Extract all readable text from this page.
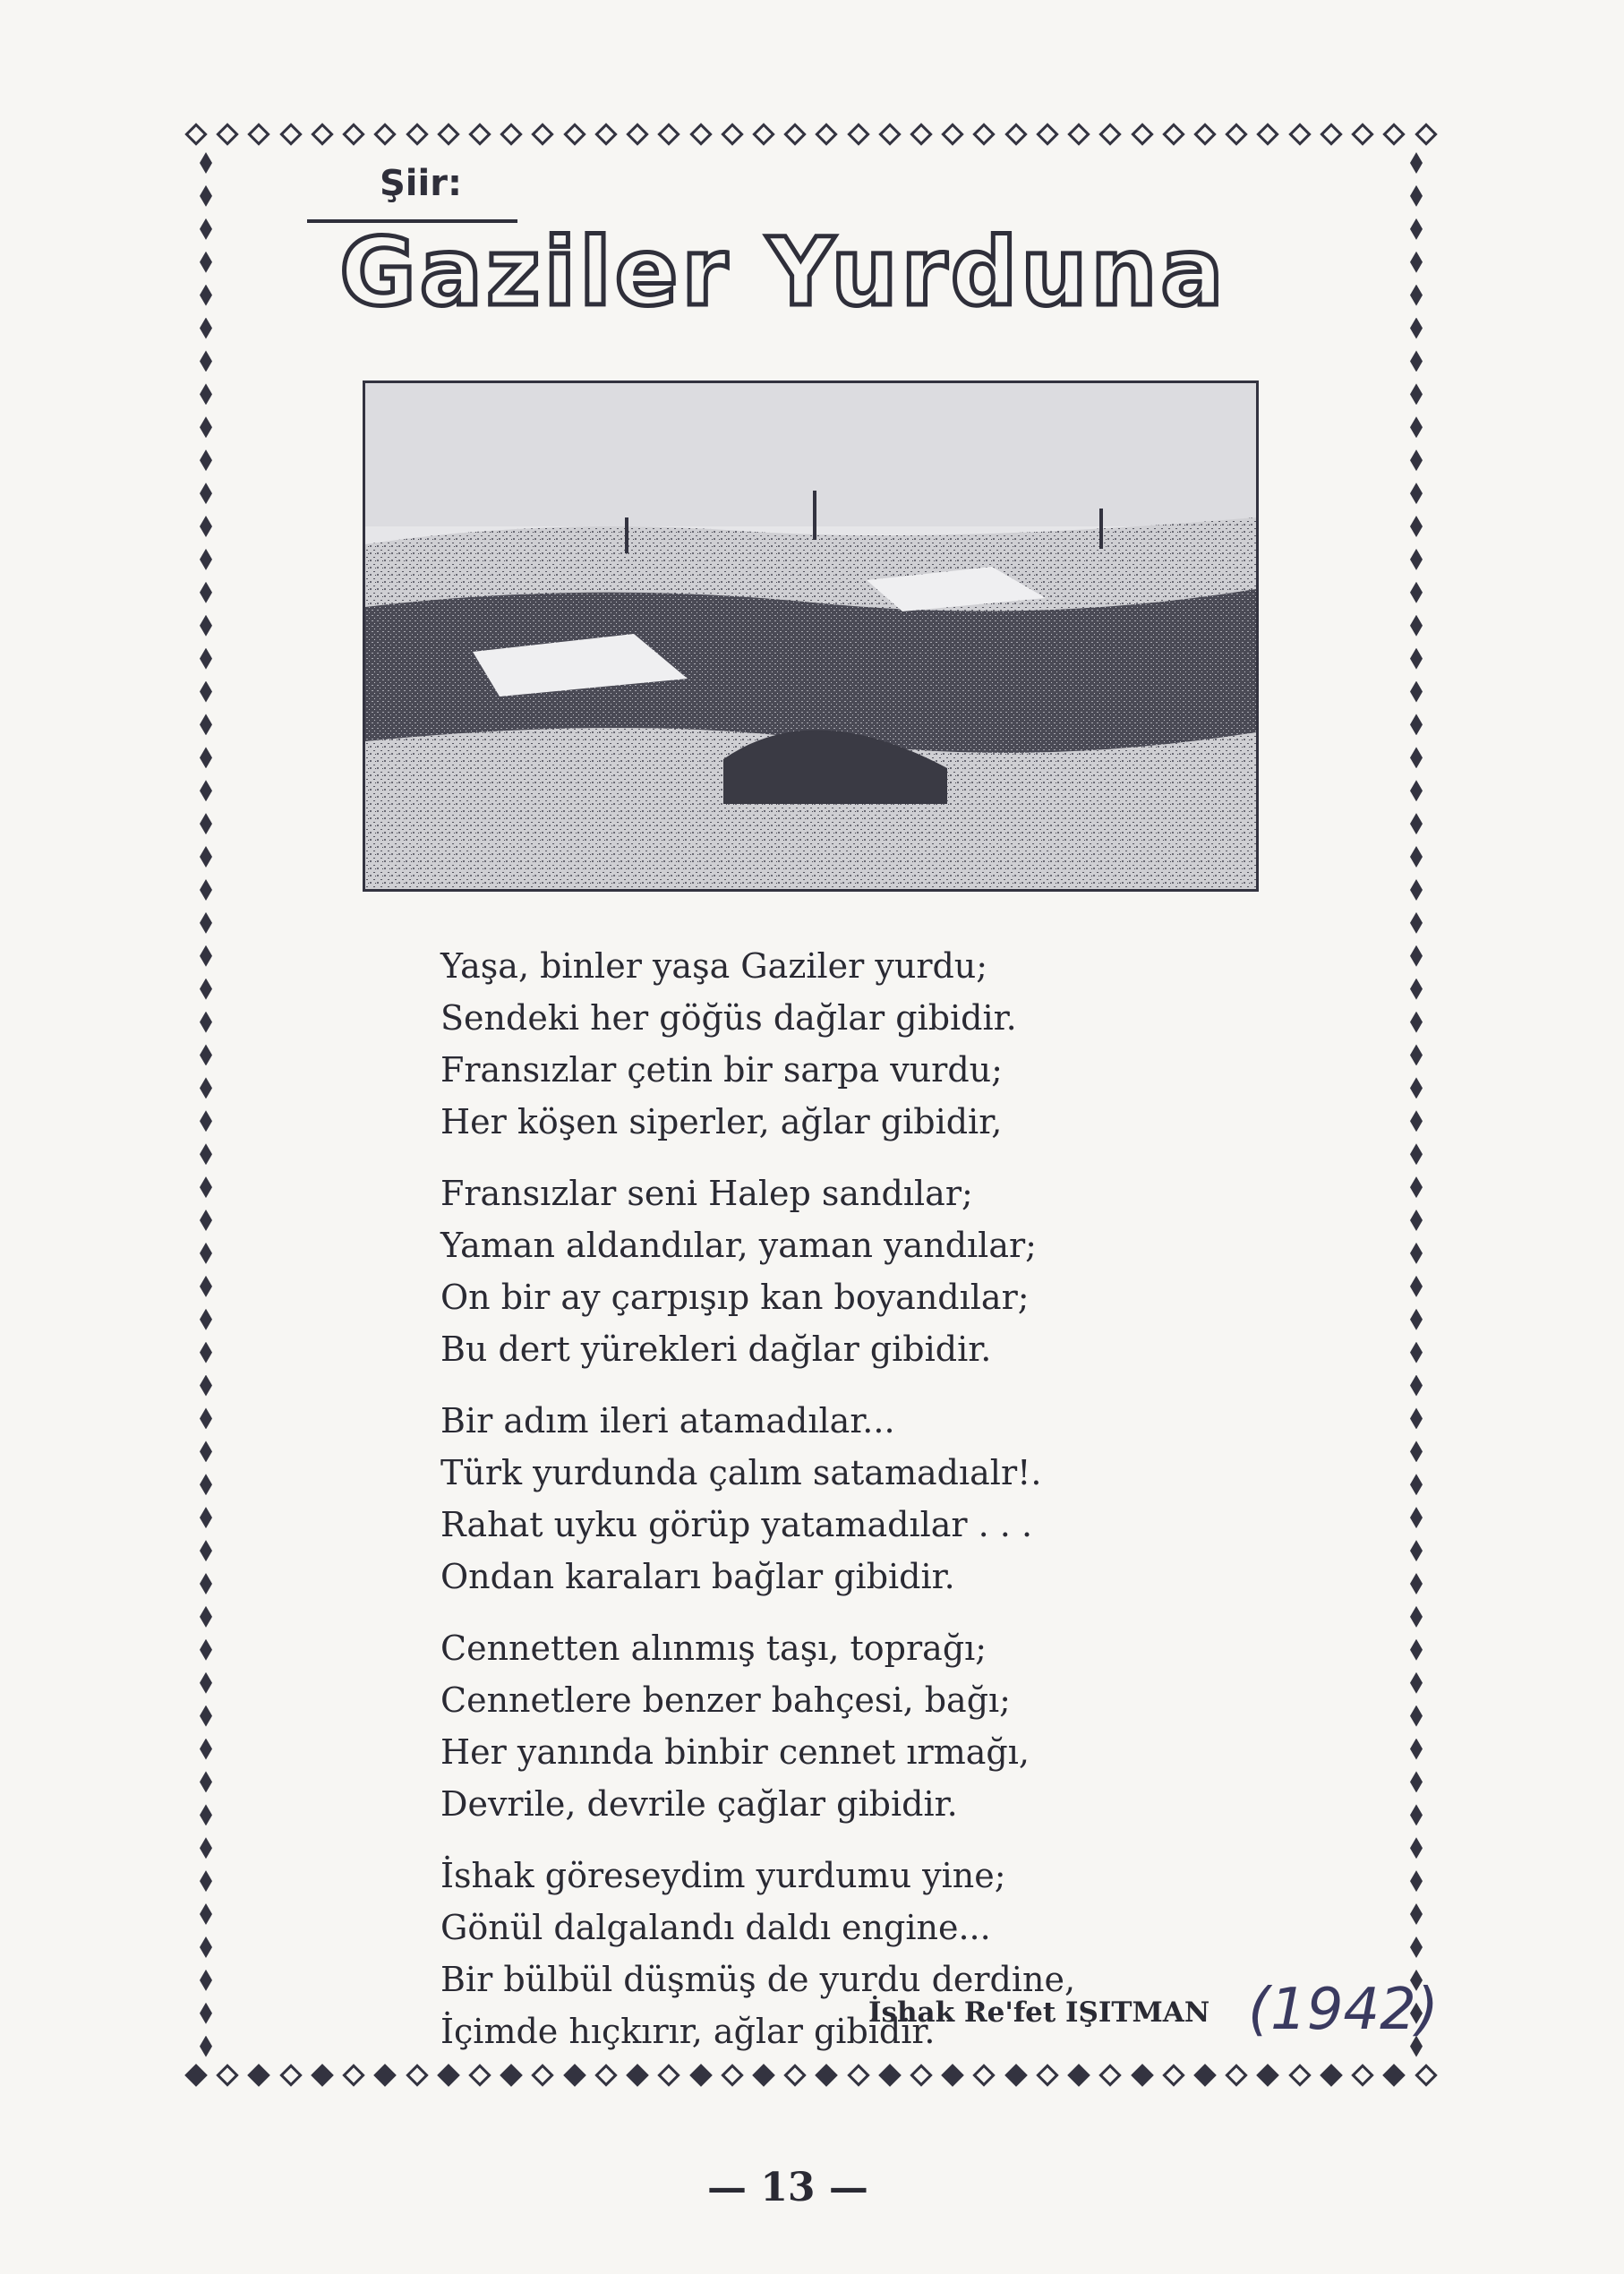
Şiir:
Gaziler Yurduna
Yaşa, binler yaşa Gaziler yurdu;
Sendeki her göğüs dağlar gibidir.
Fransızlar çetin bir sarpa vurdu;
Her köşen siperler, ağlar gibidir,
Fransızlar seni Halep sandılar;
Yaman aldandılar, yaman yandılar;
On bir ay çarpışıp kan boyandılar;
Bu dert yürekleri dağlar gibidir.
Bir adım ileri atamadılar...
Türk yurdunda çalım satamadıalr!.
Rahat uyku görüp yatamadılar . . .
Ondan karaları bağlar gibidir.
Cennetten alınmış taşı, toprağı;
Cennetlere benzer bahçesi, bağı;
Her yanında binbir cennet ırmağı,
Devrile, devrile çağlar gibidir.
İshak göreseydim yurdumu yine;
Gönül dalgalandı daldı engine...
Bir bülbül düşmüş de yurdu derdine,
İçimde hıçkırır, ağlar gibidir.
İshak Re'fet IŞITMAN (1942)
— 13 —
